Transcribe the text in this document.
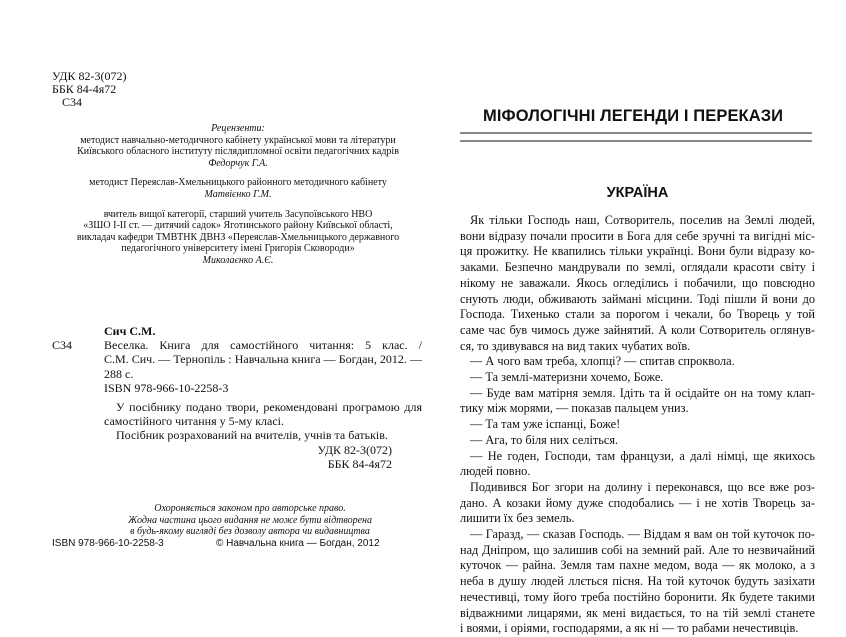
УДК 82-3(072)
ББК 84-4я72
С34
Рецензенти:
методист навчально-методичного кабінету української мови та літератури
Київського обласного інституту післядипломної освіти педагогічних кадрів
Федорчук Г.А.
методист Переяслав-Хмельницького районного методичного кабінету
Матвієнко Г.М.
вчитель вищої категорії, старший учитель Засупоївського НВО
«ЗШО І-ІІ ст. — дитячий садок» Яготинського району Київської області,
викладач кафедри ТМВТНК ДВНЗ «Переяслав-Хмельницького державного
педагогічного університету імені Григорія Сковороди»
Миколаєнко А.Є.
Сич С.М.
С34	Веселка. Книга для самостійного читання: 5 клас. /
С.М. Сич. — Тернопіль : Навчальна книга — Богдан, 2012. —
288 с.
ISBN 978-966-10-2258-3
У посібнику подано твори, рекомендовані програмою для
самостійного читання у 5-му класі.
Посібник розрахований на вчителів, учнів та батьків.
УДК 82-3(072)
ББК 84-4я72
Охороняється законом про авторське право.
Жодна частина цього видання не може бути відтворена
в будь-якому вигляді без дозволу автора чи видавництва
ISBN 978-966-10-2258-3	© Навчальна книга — Богдан, 2012
МІФОЛОГІЧНІ ЛЕГЕНДИ І ПЕРЕКАЗИ
УКРАЇНА
Як тільки Господь наш, Сотворитель, поселив на Землі людей,
вони відразу почали просити в Бога для себе зручні та вигідні міс-
ця прожитку. Не квапились тільки українці. Вони були відразу ко-
заками. Безпечно мандрували по землі, оглядали красоти світу і
нікому не заважали. Якось огледілись і побачили, що повсюдно
снують люди, обживають займані місцини. Тоді пішли й вони до
Господа. Тихенько стали за порогом і чекали, бо Творець у той
самe час був чимось дуже зайнятий. А коли Сотворитель оглянув-
ся, то здивувався на вид таких чубатих воїв.
— А чого вам треба, хлопці? — спитав спроквола.
— Та землі-материзни хочемо, Боже.
— Буде вам матірня земля. Ідіть та й осідайте он на тому клап-
тику між морями, — показав пальцем униз.
— Та там уже іспанці, Боже!
— Ага, то біля них селіться.
— Не годен, Господи, там французи, а далі німці, ще якихось
людей повно.
Подивився Бог згори на долину і переконався, що все вже роз-
дано. А козаки йому дуже сподобались — і не хотів Творець за-
лишити їх без земель.
— Гаразд, — сказав Господь. — Віддам я вам он той куточок по-
над Дніпром, що залишив собі на земний рай. Але то незвичайний
куточок — райна. Земля там пахне медом, вода — як молоко, а з
неба в душу людей ллється пісня. На той куточок будуть зазіхати
нечестивці, тому його треба постійно боронити. Як будете такими
відважними лицарями, як мені видається, то на тій землі станете
і воями, і оріями, господарями, а як ні — то рабами нечестивців.
